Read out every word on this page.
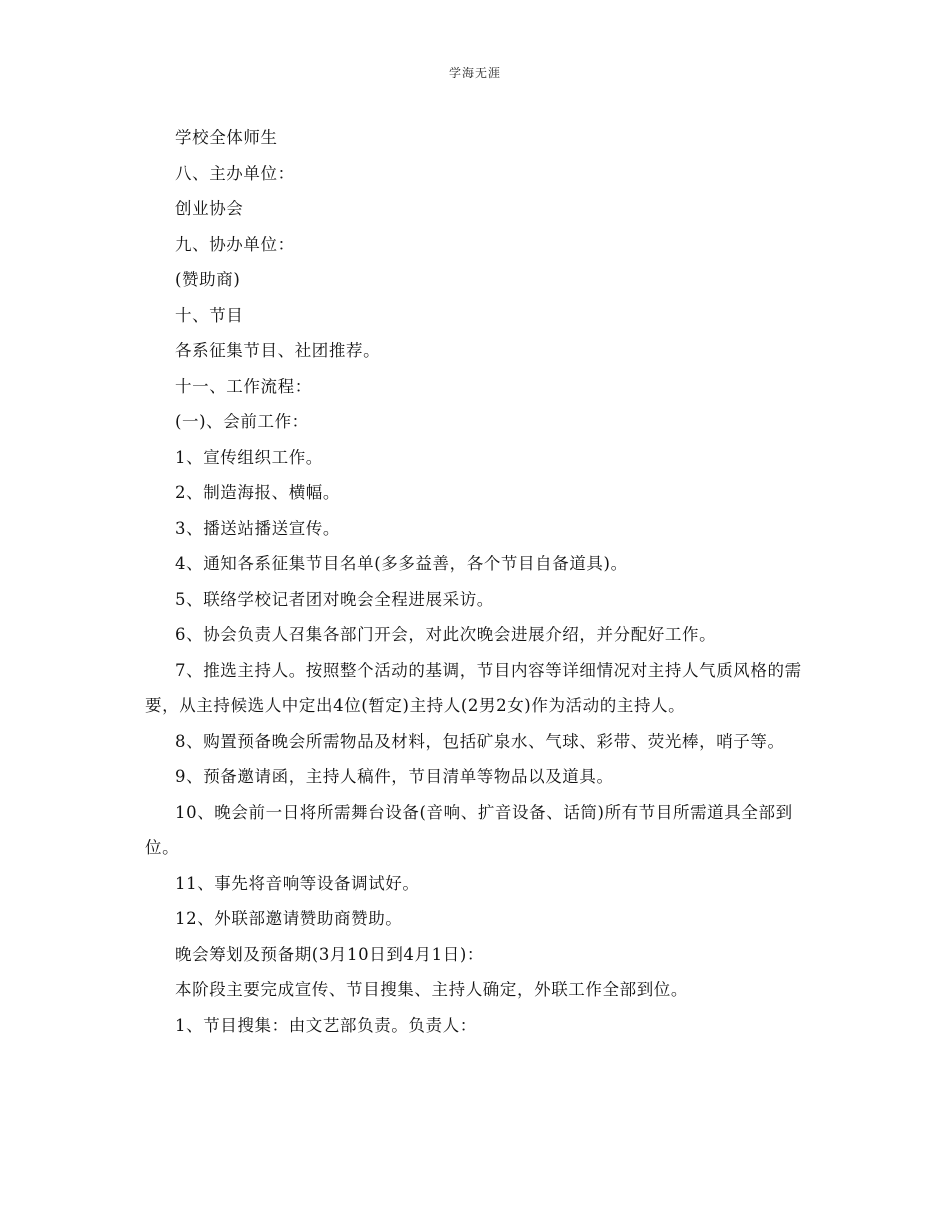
学海无涯

学校全体师生

八、主办单位：

创业协会

九、协办单位：

(赞助商)

十、节目

各系征集节目、社团推荐。

十一、工作流程：

(一)、会前工作：

1、宣传组织工作。

2、制造海报、横幅。

3、播送站播送宣传。

4、通知各系征集节目名单(多多益善，各个节目自备道具)。

5、联络学校记者团对晚会全程进展采访。

6、协会负责人召集各部门开会，对此次晚会进展介绍，并分配好工作。

7、推选主持人。按照整个活动的基调，节目内容等详细情况对主持人气质风格的需要，从主持候选人中定出4位(暂定)主持人(2男2女)作为活动的主持人。

8、购置预备晚会所需物品及材料，包括矿泉水、气球、彩带、荧光棒，哨子等。

9、预备邀请函，主持人稿件，节目清单等物品以及道具。

10、晚会前一日将所需舞台设备(音响、扩音设备、话筒)所有节目所需道具全部到位。

11、事先将音响等设备调试好。

12、外联部邀请赞助商赞助。

晚会筹划及预备期(3月10日到4月1日)：

本阶段主要完成宣传、节目搜集、主持人确定，外联工作全部到位。

1、节目搜集：由文艺部负责。负责人：
